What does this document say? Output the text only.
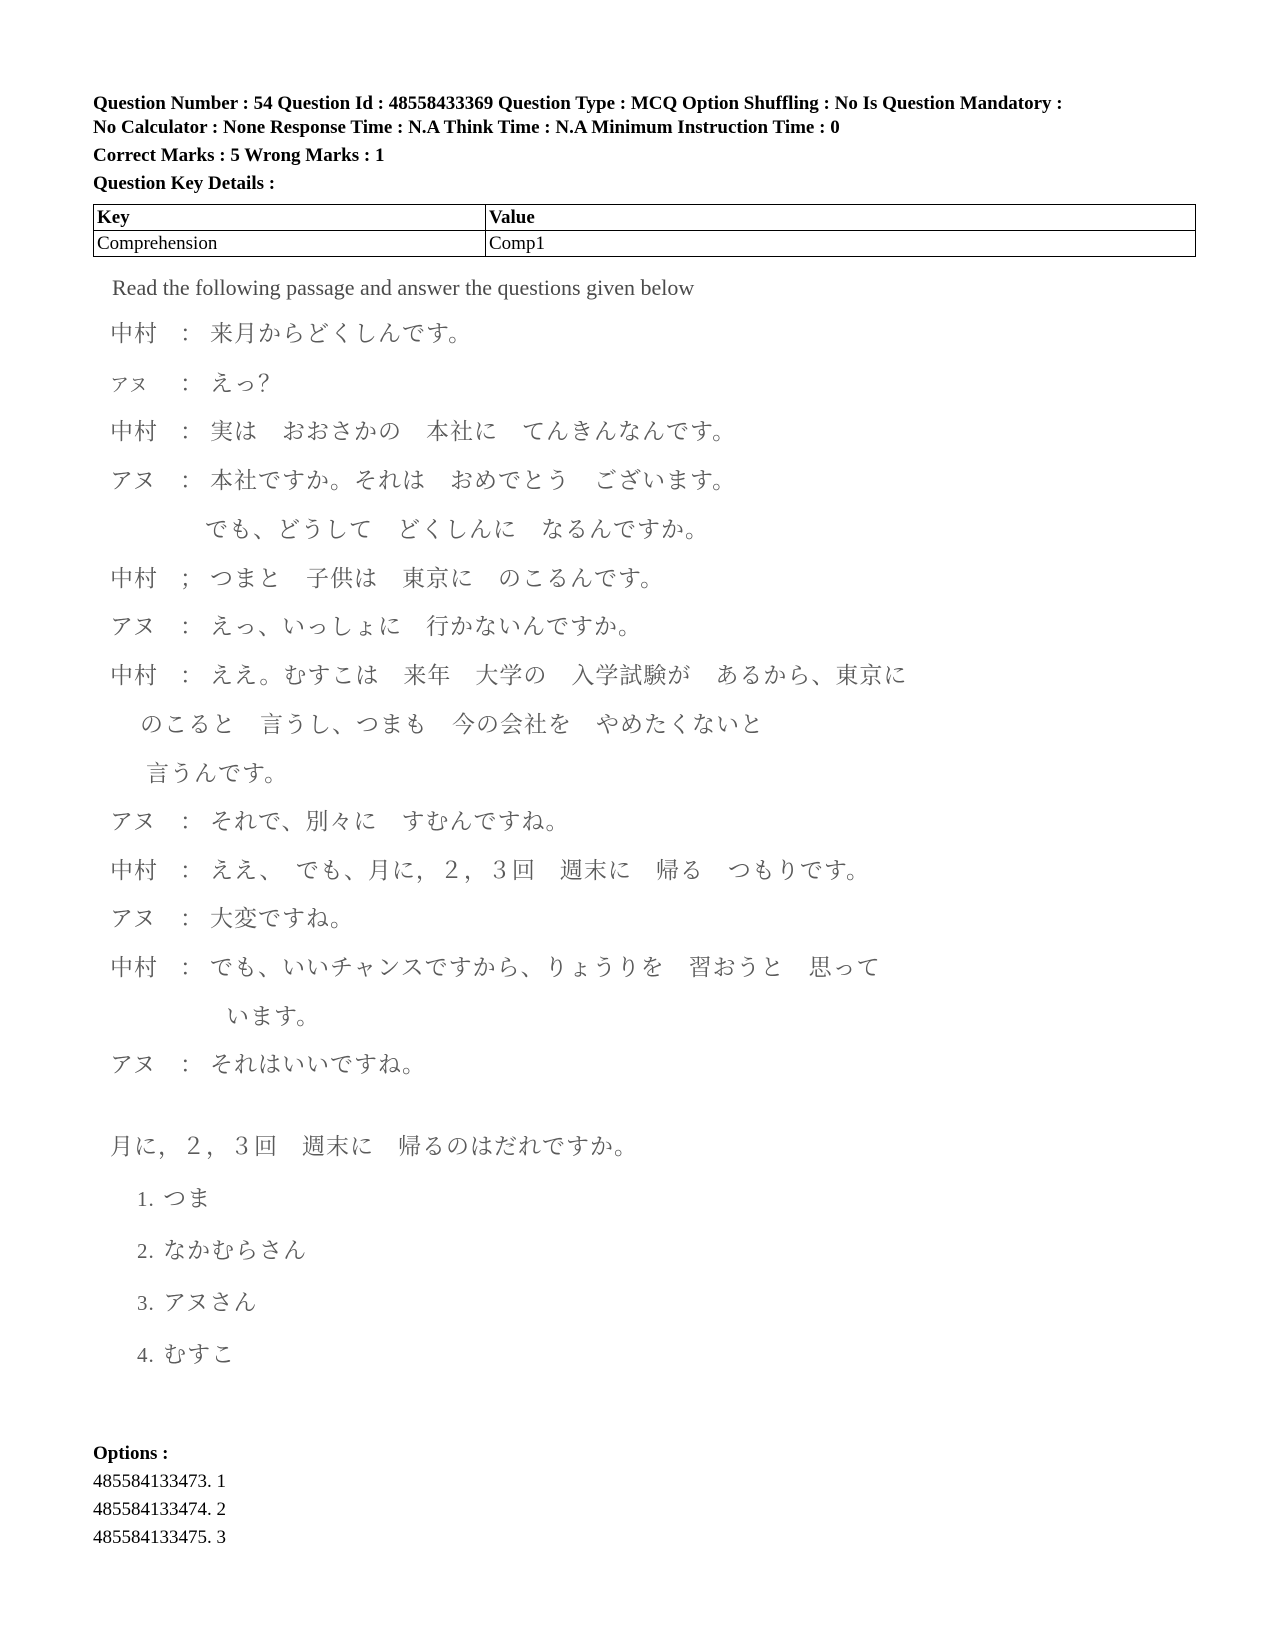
Question Number : 54 Question Id : 48558433369 Question Type : MCQ Option Shuffling : No Is Question Mandatory :
No Calculator : None Response Time : N.A Think Time : N.A Minimum Instruction Time : 0
Correct Marks : 5 Wrong Marks : 1
Question Key Details :
Key	Value
Comprehension	Comp1
Read the following passage and answer the questions given below
中村 ： 来月からどくしんです。
アヌ ： えっ？
中村 ： 実は　おおさかの　本社に　てんきんなんです。
アヌ ： 本社ですか。それは　おめでとう　ございます。
でも、どうして　どくしんに　なるんですか。
中村 ； つまと　子供は　東京に　のこるんです。
アヌ ： えっ、いっしょに　行かないんですか。
中村 ： ええ。むすこは　来年　大学の　入学試験が　あるから、東京に
のこると　言うし、つまも　今の会社を　やめたくないと
言うんです。
アヌ ： それで、別々に　すむんですね。
中村 ： ええ、　でも、月に，２，３回　週末に　帰る　つもりです。
アヌ ： 大変ですね。
中村 ： でも、いいチャンスですから、りょうりを　習おうと　思って
います。
アヌ ： それはいいですね。
月に，２，３回　週末に　帰るのはだれですか。
1. つま
2. なかむらさん
3. アヌさん
4. むすこ
Options :
485584133473. 1
485584133474. 2
485584133475. 3
